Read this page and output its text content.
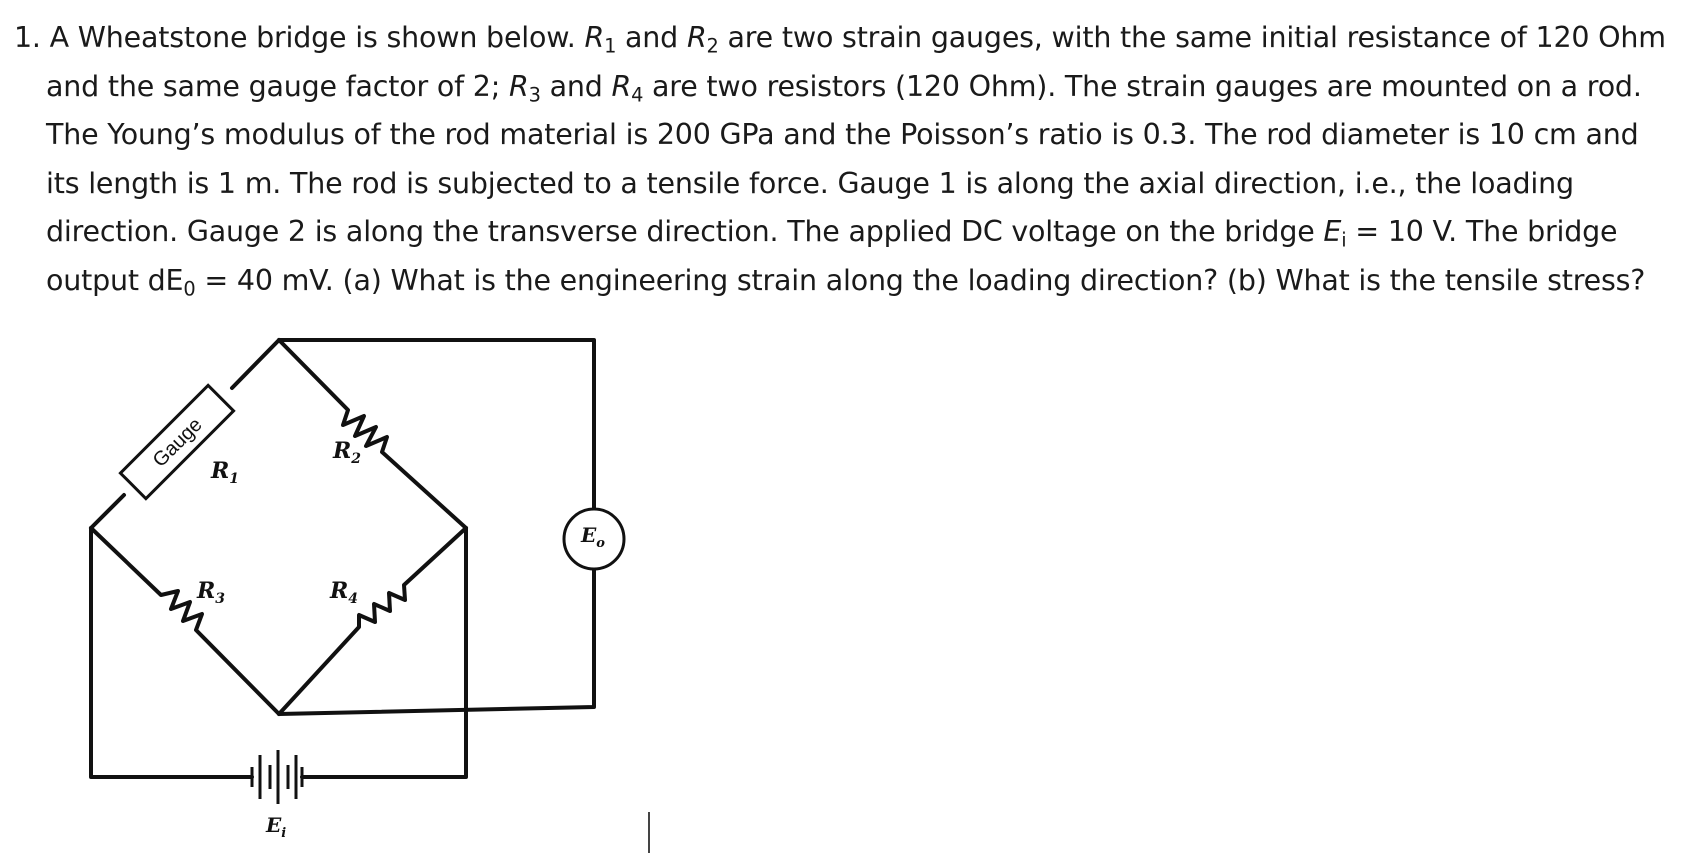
1. A Wheatstone bridge is shown below. $R_1$ and $R_2$ are two strain gauges, with the same initial resistance of 120 Ohm
and the same gauge factor of 2; $R_3$ and $R_4$ are two resistors (120 Ohm). The strain gauges are mounted on a rod.
The Young’s modulus of the rod material is 200 GPa and the Poisson’s ratio is 0.3. The rod diameter is 10 cm and
its length is 1 m. The rod is subjected to a tensile force. Gauge 1 is along the axial direction, i.e., the loading
direction. Gauge 2 is along the transverse direction. The applied DC voltage on the bridge $E_i = 10$ V. The bridge
output $dE_0 = 40$ mV. (a) What is the engineering strain along the loading direction? (b) What is the tensile stress?
Gauge $R_1$
$R_2$
$R_3$	$R_4$
$E_o$
$E_i$
